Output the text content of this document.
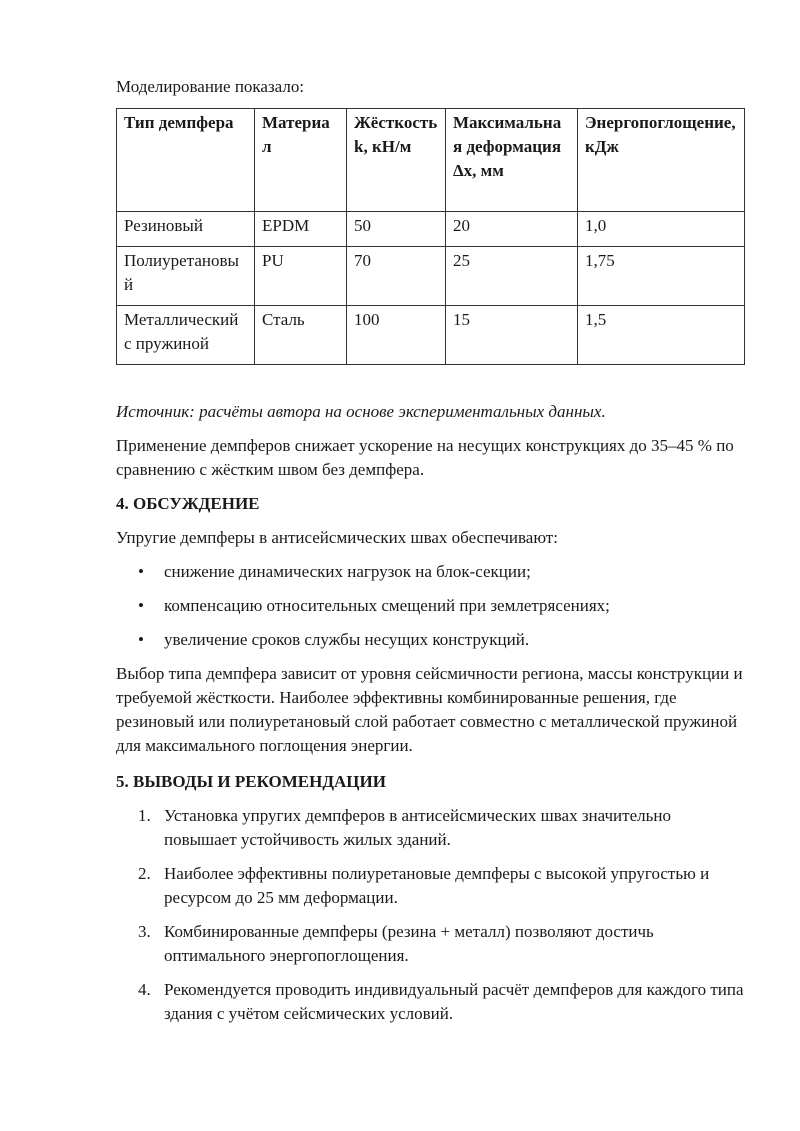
Моделирование показало:

Тип демпфера	Материал	Жёсткость k, кН/м	Максимальная деформация Δx, мм	Энергопоглощение, кДж
Резиновый	EPDM	50	20	1,0
Полиуретановый	PU	70	25	1,75
Металлический с пружиной	Сталь	100	15	1,5

Источник: расчёты автора на основе экспериментальных данных.

Применение демпферов снижает ускорение на несущих конструкциях до 35–45 % по сравнению с жёстким швом без демпфера.

4. ОБСУЖДЕНИЕ

Упругие демпферы в антисейсмических швах обеспечивают:

• снижение динамических нагрузок на блок-секции;
• компенсацию относительных смещений при землетрясениях;
• увеличение сроков службы несущих конструкций.

Выбор типа демпфера зависит от уровня сейсмичности региона, массы конструкции и требуемой жёсткости. Наиболее эффективны комбинированные решения, где резиновый или полиуретановый слой работает совместно с металлической пружиной для максимального поглощения энергии.

5. ВЫВОДЫ И РЕКОМЕНДАЦИИ
1. Установка упругих демпферов в антисейсмических швах значительно повышает устойчивость жилых зданий.
2. Наиболее эффективны полиуретановые демпферы с высокой упругостью и ресурсом до 25 мм деформации.
3. Комбинированные демпферы (резина + металл) позволяют достичь оптимального энергопоглощения.
4. Рекомендуется проводить индивидуальный расчёт демпферов для каждого типа здания с учётом сейсмических условий.
